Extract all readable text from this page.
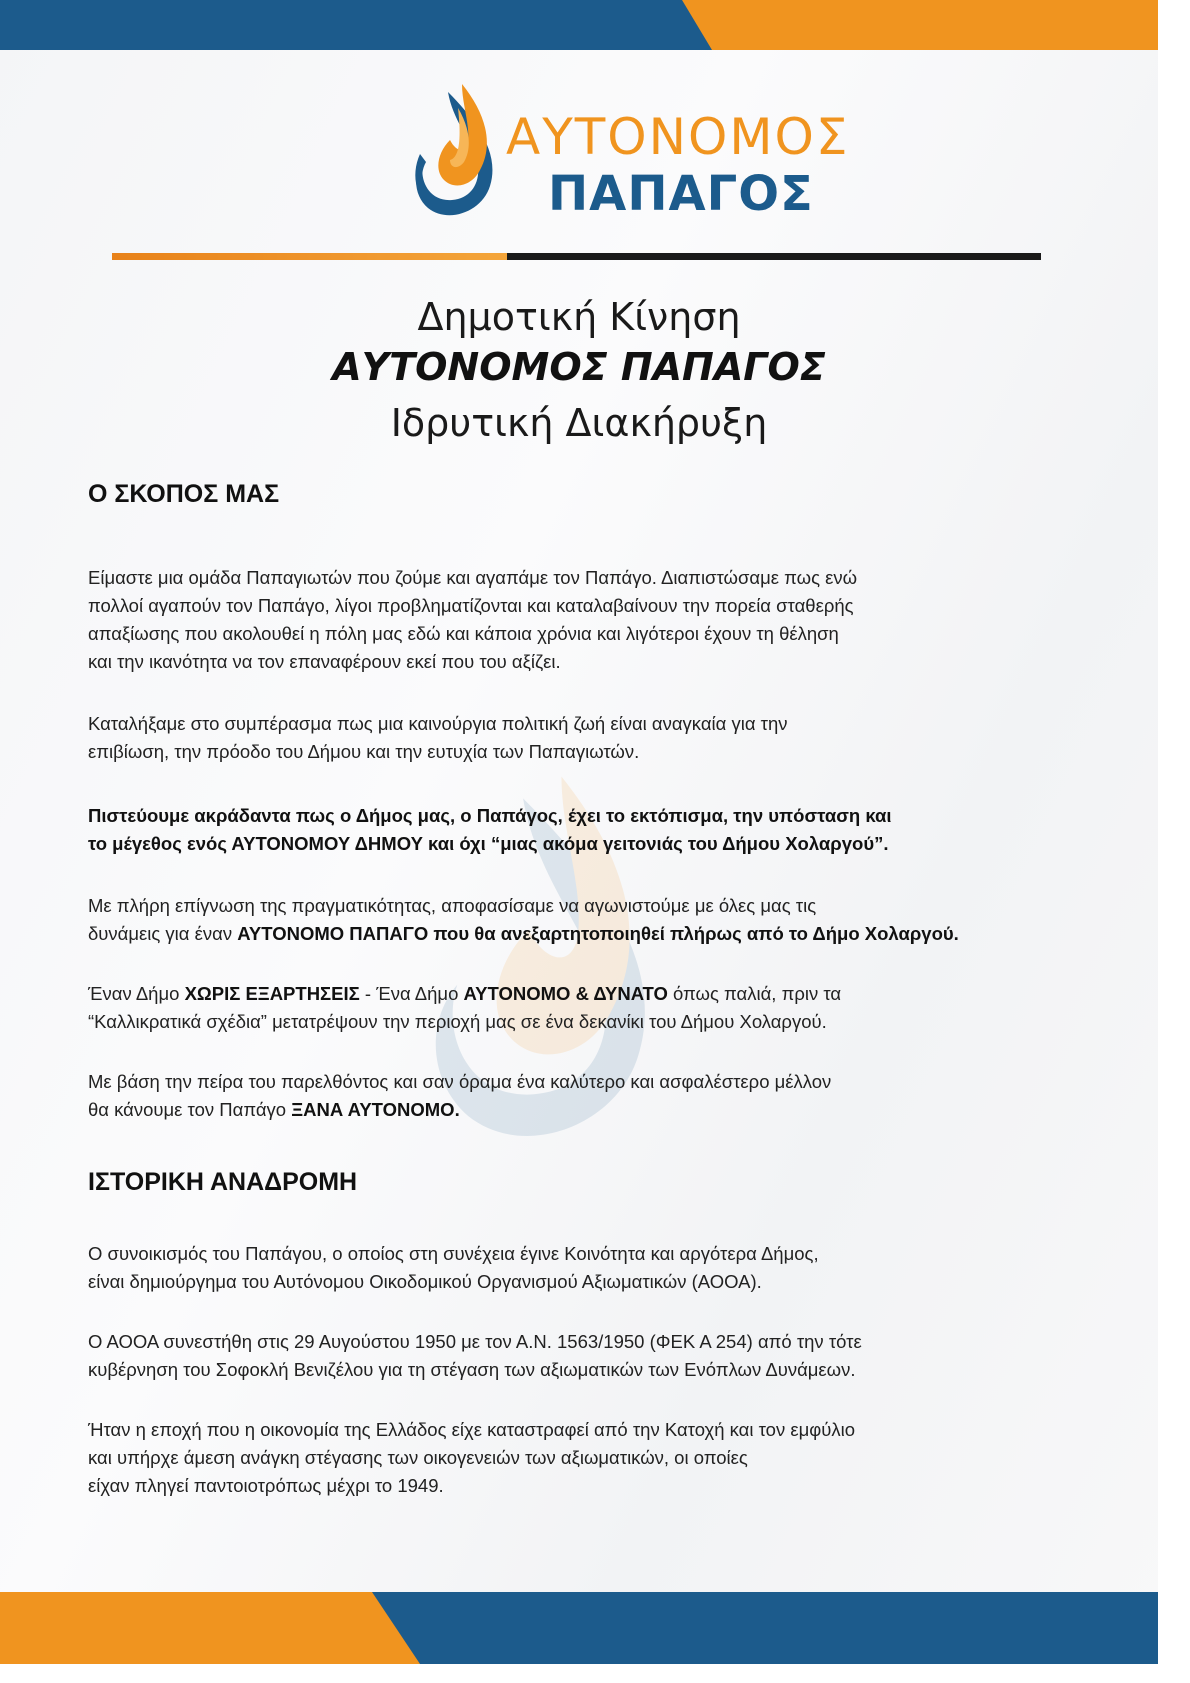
ΑΥΤΟΝΟΜΟΣ
ΠΑΠΑΓΟΣ
Δημοτική Κίνηση
ΑΥΤΟΝΟΜΟΣ ΠΑΠΑΓΟΣ
Ιδρυτική Διακήρυξη
Ο ΣΚΟΠΟΣ ΜΑΣ

Είμαστε μια ομάδα Παπαγιωτών που ζούμε και αγαπάμε τον Παπάγο. Διαπιστώσαμε πως ενώ
πολλοί αγαπούν τον Παπάγο, λίγοι προβληματίζονται και καταλαβαίνουν την πορεία σταθερής
απαξίωσης που ακολουθεί η πόλη μας εδώ και κάποια χρόνια και λιγότεροι έχουν τη θέληση
και την ικανότητα να τον επαναφέρουν εκεί που του αξίζει.

Καταλήξαμε στο συμπέρασμα πως μια καινούργια πολιτική ζωή είναι αναγκαία για την
επιβίωση, την πρόοδο του Δήμου και την ευτυχία των Παπαγιωτών.

Πιστεύουμε ακράδαντα πως ο Δήμος μας, ο Παπάγος, έχει το εκτόπισμα, την υπόσταση και
το μέγεθος ενός ΑΥΤΟΝΟΜΟΥ ΔΗΜΟΥ και όχι “μιας ακόμα γειτονιάς του Δήμου Χολαργού”.

Με πλήρη επίγνωση της πραγματικότητας, αποφασίσαμε να αγωνιστούμε με όλες μας τις
δυνάμεις για έναν ΑΥΤΟΝΟΜΟ ΠΑΠΑΓΟ που θα ανεξαρτητοποιηθεί πλήρως από το Δήμο Χολαργού.

Έναν Δήμο ΧΩΡΙΣ ΕΞΑΡΤΗΣΕΙΣ - Ένα Δήμο ΑΥΤΟΝΟΜΟ & ΔΥΝΑΤΟ όπως παλιά, πριν τα
“Καλλικρατικά σχέδια” μετατρέψουν την περιοχή μας σε ένα δεκανίκι του Δήμου Χολαργού.

Με βάση την πείρα του παρελθόντος και σαν όραμα ένα καλύτερο και ασφαλέστερο μέλλον
θα κάνουμε τον Παπάγο ΞΑΝΑ ΑΥΤΟΝΟΜΟ.

ΙΣΤΟΡΙΚΗ ΑΝΑΔΡΟΜΗ

Ο συνοικισμός του Παπάγου, ο οποίος στη συνέχεια έγινε Κοινότητα και αργότερα Δήμος,
είναι δημιούργημα του Αυτόνομου Οικοδομικού Οργανισμού Αξιωματικών (ΑΟΟΑ).

Ο ΑΟΟΑ συνεστήθη στις 29 Αυγούστου 1950 με τον Α.Ν. 1563/1950 (ΦΕΚ Α 254) από την τότε
κυβέρνηση του Σοφοκλή Βενιζέλου για τη στέγαση των αξιωματικών των Ενόπλων Δυνάμεων.

Ήταν η εποχή που η οικονομία της Ελλάδος είχε καταστραφεί από την Κατοχή και τον εμφύλιο
και υπήρχε άμεση ανάγκη στέγασης των οικογενειών των αξιωματικών, οι οποίες
είχαν πληγεί παντοιοτρόπως μέχρι το 1949.
